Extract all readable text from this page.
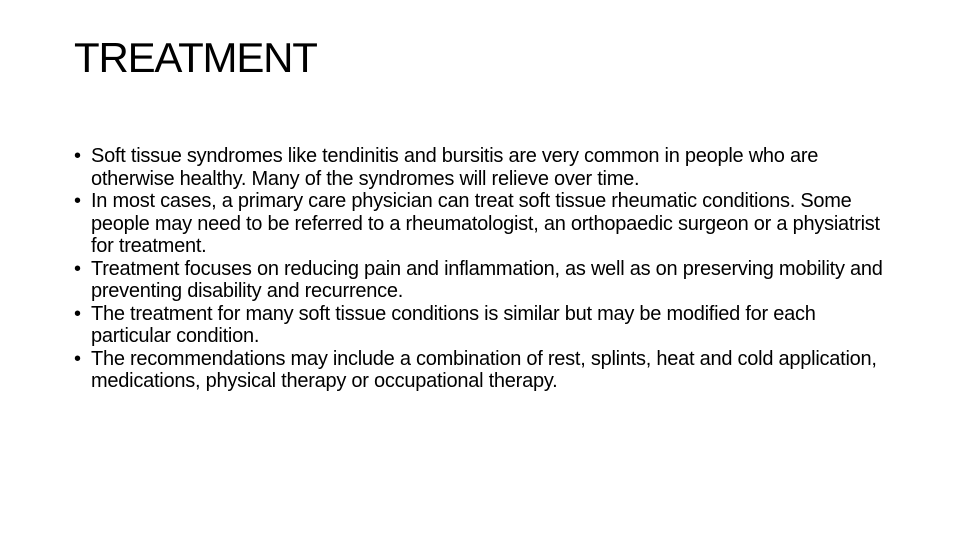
TREATMENT
• Soft tissue syndromes like tendinitis and bursitis are very common in people who are otherwise healthy. Many of the syndromes will relieve over time.
• In most cases, a primary care physician can treat soft tissue rheumatic conditions. Some people may need to be referred to a rheumatologist, an orthopaedic surgeon or a physiatrist for treatment.
• Treatment focuses on reducing pain and inflammation, as well as on preserving mobility and preventing disability and recurrence.
• The treatment for many soft tissue conditions is similar but may be modified for each particular condition.
• The recommendations may include a combination of rest, splints, heat and cold application, medications, physical therapy or occupational therapy.
